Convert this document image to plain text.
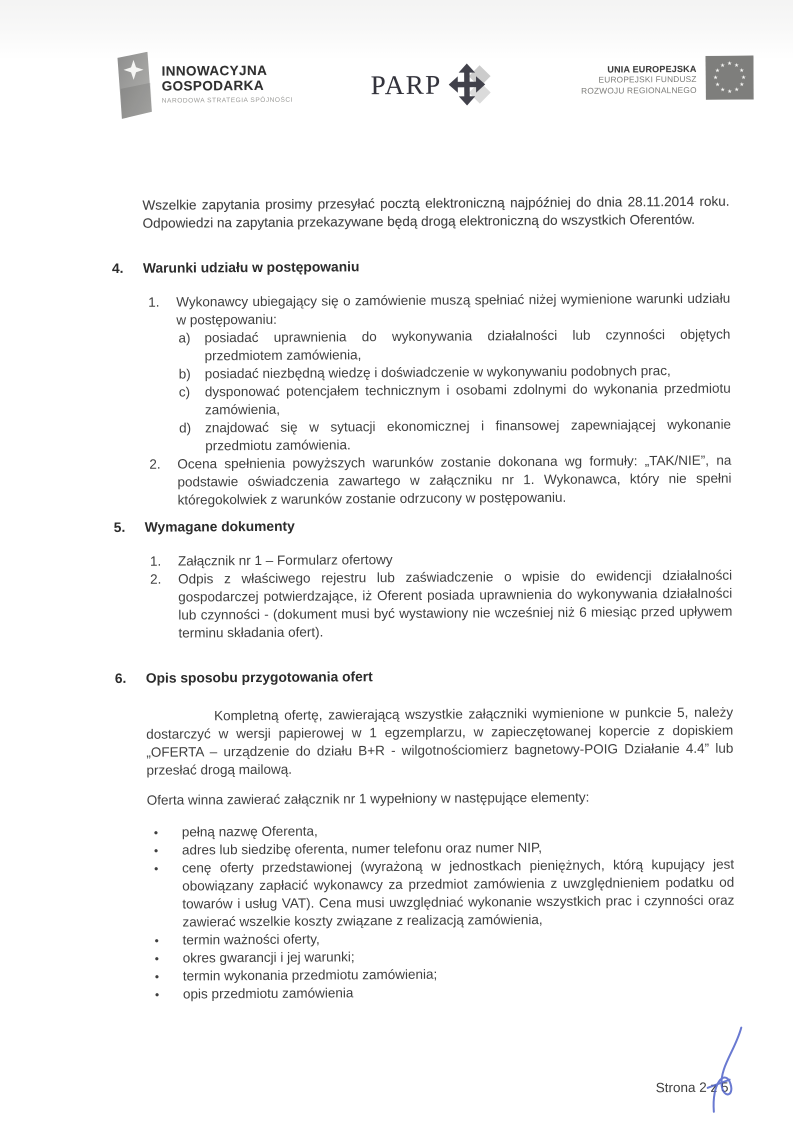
INNOWACYJNA
GOSPODARKA
NARODOWA STRATEGIA SPÓJNOŚCI
PARP	UNIA EUROPEJSKA
EUROPEJSKI FUNDUSZ
ROZWOJU REGIONALNEGO
★
★
★
★
★
★
★
★
★ ★ ★
★

Wszelkie zapytania prosimy przesyłać pocztą elektroniczną najpóźniej do dnia 28.11.2014 roku. Odpowiedzi na zapytania przekazywane będą drogą elektroniczną do wszystkich Oferentów.

4.	Warunki udziału w postępowaniu
1.	Wykonawcy ubiegający się o zamówienie muszą spełniać niżej wymienione warunki udziału w postępowaniu:
a)	posiadać uprawnienia do wykonywania działalności lub czynności objętych przedmiotem zamówienia,
b)	posiadać niezbędną wiedzę i doświadczenie w wykonywaniu podobnych prac,
c)	dysponować potencjałem technicznym i osobami zdolnymi do wykonania przedmiotu zamówienia,
d)	znajdować się w sytuacji ekonomicznej i finansowej zapewniającej wykonanie przedmiotu zamówienia.
2.	Ocena spełnienia powyższych warunków zostanie dokonana wg formuły: „TAK/NIE”, na podstawie oświadczenia zawartego w załączniku nr 1. Wykonawca, który nie spełni któregokolwiek z warunków zostanie odrzucony w postępowaniu.
5.	Wymagane dokumenty
1.	Załącznik nr 1 – Formularz ofertowy
2.	Odpis z właściwego rejestru lub zaświadczenie o wpisie do ewidencji działalności gospodarczej potwierdzające, iż Oferent posiada uprawnienia do wykonywania działalności lub czynności - (dokument musi być wystawiony nie wcześniej niż 6 miesiąc przed upływem terminu składania ofert).
6.	Opis sposobu przygotowania ofert

Kompletną ofertę, zawierającą wszystkie załączniki wymienione w punkcie 5, należy dostarczyć w wersji papierowej w 1 egzemplarzu, w zapieczętowanej kopercie z dopiskiem „OFERTA – urządzenie do działu B+R - wilgotnościomierz bagnetowy-POIG Działanie 4.4” lub przesłać drogą mailową.

Oferta winna zawierać załącznik nr 1 wypełniony w następujące elementy:

•	pełną nazwę Oferenta,
•	adres lub siedzibę oferenta, numer telefonu oraz numer NIP,
•	cenę oferty przedstawionej (wyrażoną w jednostkach pieniężnych, którą kupujący jest obowiązany zapłacić wykonawcy za przedmiot zamówienia z uwzględnieniem podatku od towarów i usług VAT). Cena musi uwzględniać wykonanie wszystkich prac i czynności oraz zawierać wszelkie koszty związane z realizacją zamówienia,
•	termin ważności oferty,
•	okres gwarancji i jej warunki;
•	termin wykonania przedmiotu zamówienia;
•	opis przedmiotu zamówienia
Strona 2 z 5
